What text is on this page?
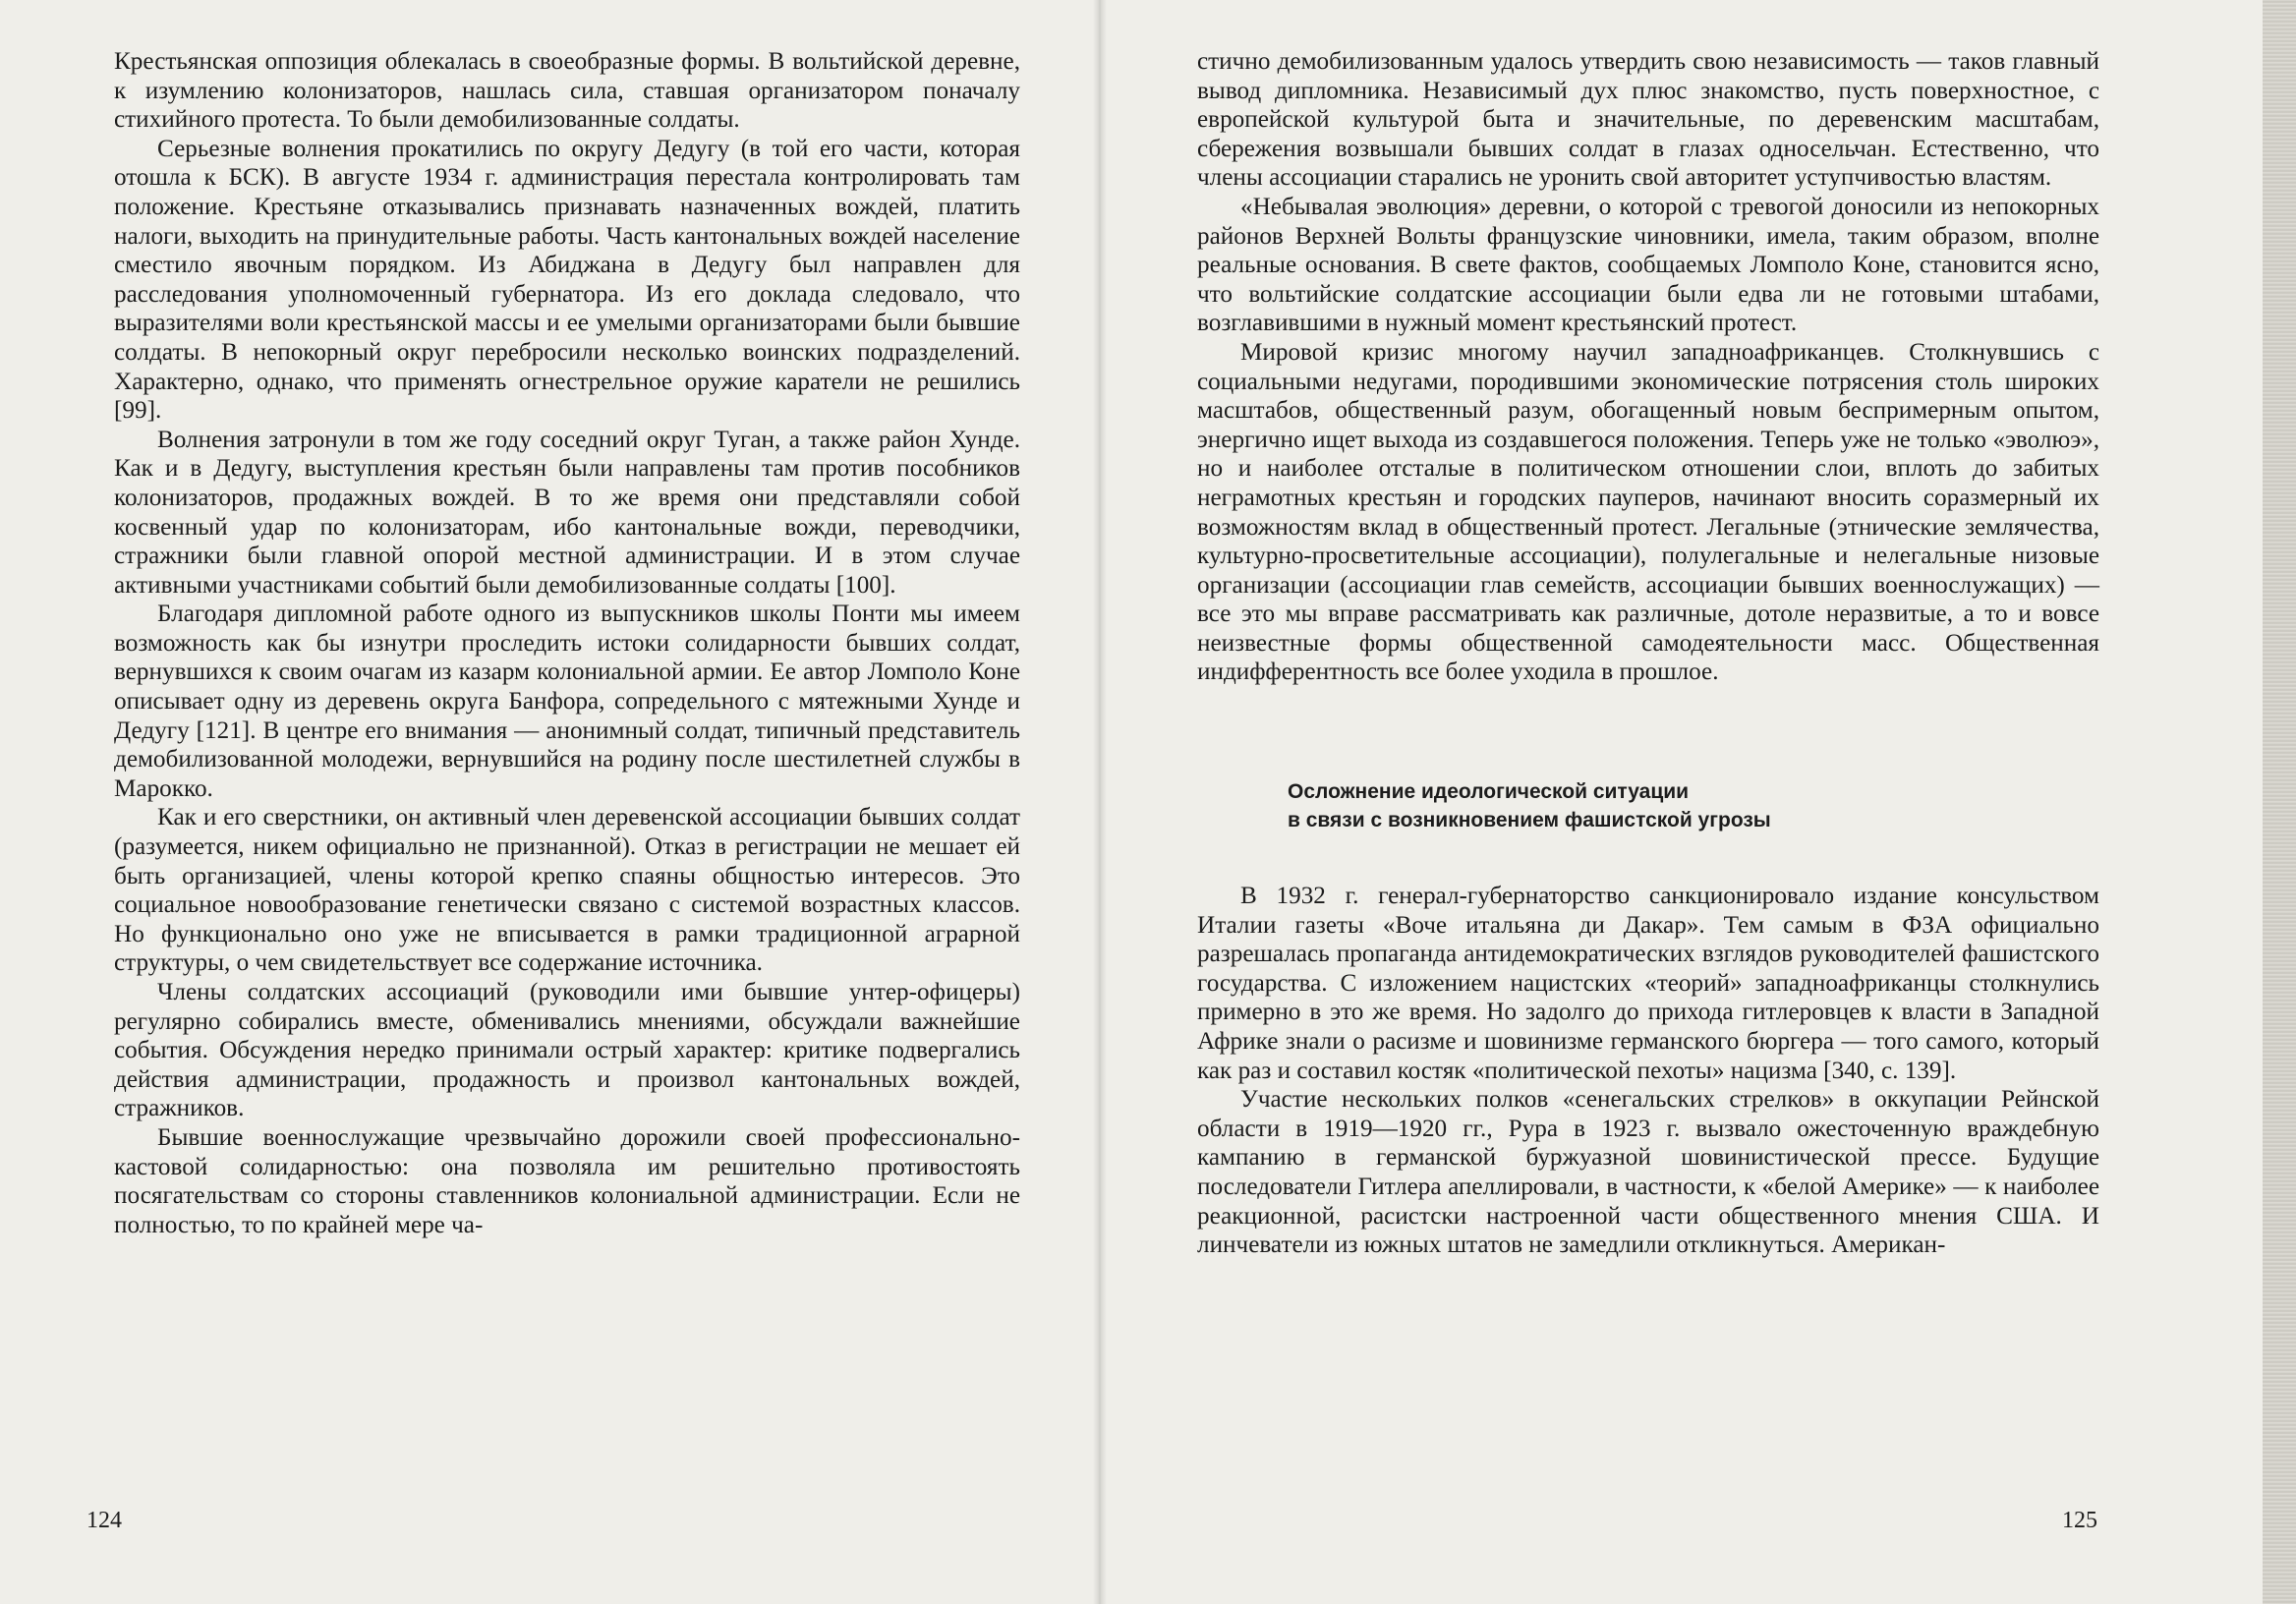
Крестьянская оппозиция облекалась в своеобразные формы. В вольтийской деревне, к изумлению колонизаторов, нашлась сила, ставшая организатором поначалу стихийного протеста. То были демобилизованные солдаты.

Серьезные волнения прокатились по округу Дедугу (в той его части, которая отошла к БСК). В августе 1934 г. администрация перестала контролировать там положение. Крестьяне отказывались признавать назначенных вождей, платить налоги, выходить на принудительные работы. Часть кантональных вождей население сместило явочным порядком. Из Абиджана в Дедугу был направлен для расследования уполномоченный губернатора. Из его доклада следовало, что выразителями воли крестьянской массы и ее умелыми организаторами были бывшие солдаты. В непокорный округ перебросили несколько воинских подразделений. Характерно, однако, что применять огнестрельное оружие каратели не решились [99].

Волнения затронули в том же году соседний округ Туган, а также район Хунде. Как и в Дедугу, выступления крестьян были направлены там против пособников колонизаторов, продажных вождей. В то же время они представляли собой косвенный удар по колонизаторам, ибо кантональные вожди, переводчики, стражники были главной опорой местной администрации. И в этом случае активными участниками событий были демобилизованные солдаты [100].

Благодаря дипломной работе одного из выпускников школы Понти мы имеем возможность как бы изнутри проследить истоки солидарности бывших солдат, вернувшихся к своим очагам из казарм колониальной армии. Ее автор Ломполо Коне описывает одну из деревень округа Банфора, сопредельного с мятежными Хунде и Дедугу [121]. В центре его внимания — анонимный солдат, типичный представитель демобилизованной молодежи, вернувшийся на родину после шестилетней службы в Марокко.

Как и его сверстники, он активный член деревенской ассоциации бывших солдат (разумеется, никем официально не признанной). Отказ в регистрации не мешает ей быть организацией, члены которой крепко спаяны общностью интересов. Это социальное новообразование генетически связано с системой возрастных классов. Но функционально оно уже не вписывается в рамки традиционной аграрной структуры, о чем свидетельствует все содержание источника.

Члены солдатских ассоциаций (руководили ими бывшие унтер-офицеры) регулярно собирались вместе, обменивались мнениями, обсуждали важнейшие события. Обсуждения нередко принимали острый характер: критике подвергались действия администрации, продажность и произвол кантональных вождей, стражников.

Бывшие военнослужащие чрезвычайно дорожили своей профессионально-кастовой солидарностью: она позволяла им решительно противостоять посягательствам со стороны ставленников колониальной администрации. Если не полностью, то по крайней мере ча-

124

стично демобилизованным удалось утвердить свою независимость — таков главный вывод дипломника. Независимый дух плюс знакомство, пусть поверхностное, с европейской культурой быта и значительные, по деревенским масштабам, сбережения возвышали бывших солдат в глазах односельчан. Естественно, что члены ассоциации старались не уронить свой авторитет уступчивостью властям.

«Небывалая эволюция» деревни, о которой с тревогой доносили из непокорных районов Верхней Вольты французские чиновники, имела, таким образом, вполне реальные основания. В свете фактов, сообщаемых Ломполо Коне, становится ясно, что вольтийские солдатские ассоциации были едва ли не готовыми штабами, возглавившими в нужный момент крестьянский протест.

Мировой кризис многому научил западноафриканцев. Столкнувшись с социальными недугами, породившими экономические потрясения столь широких масштабов, общественный разум, обогащенный новым беспримерным опытом, энергично ищет выхода из создавшегося положения. Теперь уже не только «эволюэ», но и наиболее отсталые в политическом отношении слои, вплоть до забитых неграмотных крестьян и городских пауперов, начинают вносить соразмерный их возможностям вклад в общественный протест. Легальные (этнические землячества, культурно-просветительные ассоциации), полулегальные и нелегальные низовые организации (ассоциации глав семейств, ассоциации бывших военнослужащих) — все это мы вправе рассматривать как различные, дотоле неразвитые, а то и вовсе неизвестные формы общественной самодеятельности масс. Общественная индифферентность все более уходила в прошлое.

Осложнение идеологической ситуации

в связи с возникновением фашистской угрозы

В 1932 г. генерал-губернаторство санкционировало издание консульством Италии газеты «Воче итальяна ди Дакар». Тем самым в ФЗА официально разрешалась пропаганда антидемократических взглядов руководителей фашистского государства. С изложением нацистских «теорий» западноафриканцы столкнулись примерно в это же время. Но задолго до прихода гитлеровцев к власти в Западной Африке знали о расизме и шовинизме германского бюргера — того самого, который как раз и составил костяк «политической пехоты» нацизма [340, с. 139].

Участие нескольких полков «сенегальских стрелков» в оккупации Рейнской области в 1919—1920 гг., Рура в 1923 г. вызвало ожесточенную враждебную кампанию в германской буржуазной шовинистической прессе. Будущие последователи Гитлера апеллировали, в частности, к «белой Америке» — к наиболее реакционной, расистски настроенной части общественного мнения США. И линчеватели из южных штатов не замедлили откликнуться. Американ-

125
